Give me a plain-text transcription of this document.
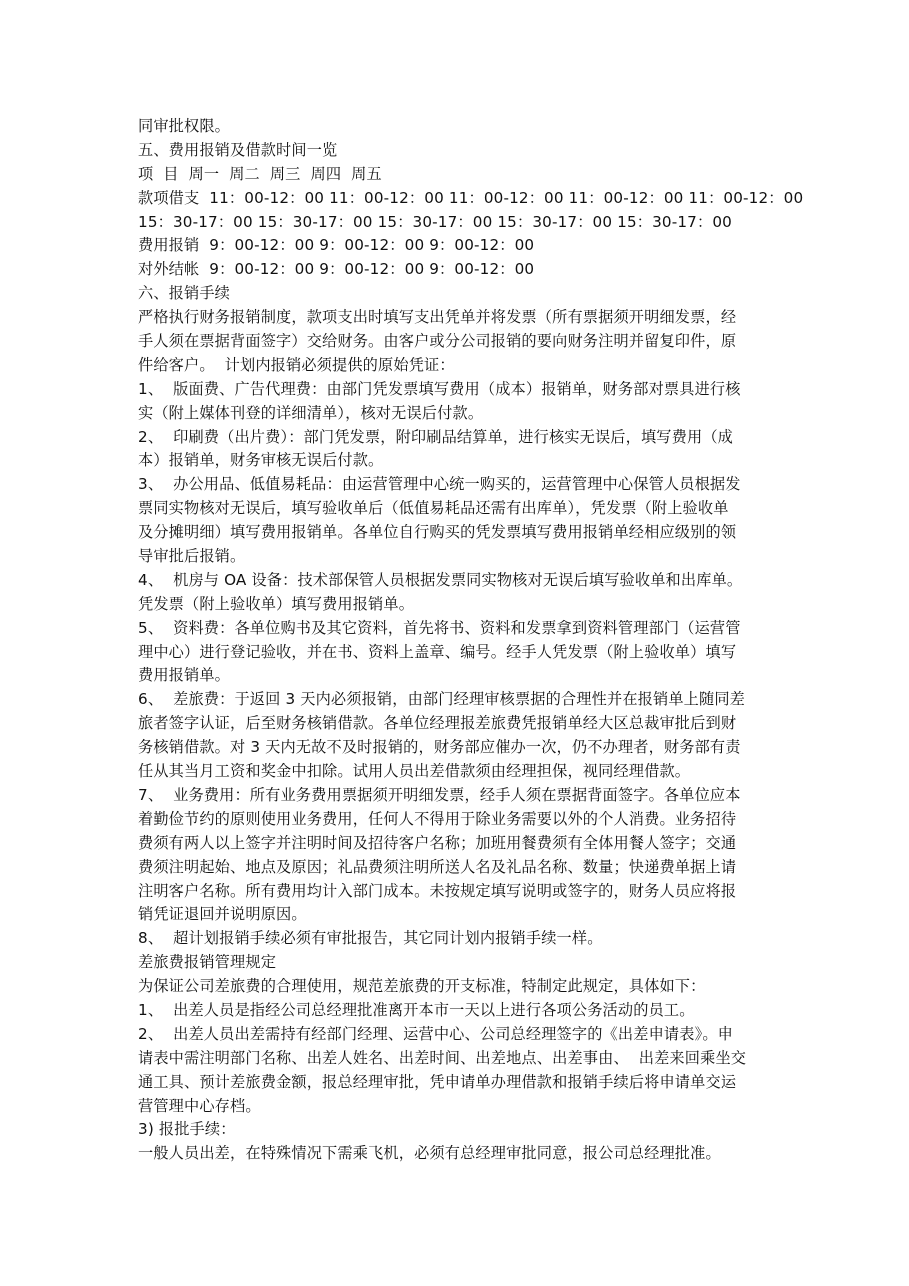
同审批权限。

五、费用报销及借款时间一览

项  目  周一  周二  周三  周四  周五

款项借支  11：00-12：00 11：00-12：00 11：00-12：00 11：00-12：00 11：00-12：00

15：30-17：00 15：30-17：00 15：30-17：00 15：30-17：00 15：30-17：00

费用报销  9：00-12：00 9：00-12：00 9：00-12：00

对外结帐  9：00-12：00 9：00-12：00 9：00-12：00

六、报销手续

严格执行财务报销制度，款项支出时填写支出凭单并将发票（所有票据须开明细发票，经

手人须在票据背面签字）交给财务。由客户或分公司报销的要向财务注明并留复印件，原

件给客户。  计划内报销必须提供的原始凭证：

1、  版面费、广告代理费：由部门凭发票填写费用（成本）报销单，财务部对票具进行核

实（附上媒体刊登的详细清单），核对无误后付款。

2、  印刷费（出片费）：部门凭发票，附印刷品结算单，进行核实无误后，填写费用（成

本）报销单，财务审核无误后付款。

3、  办公用品、低值易耗品：由运营管理中心统一购买的，运营管理中心保管人员根据发

票同实物核对无误后，填写验收单后（低值易耗品还需有出库单），凭发票（附上验收单

及分摊明细）填写费用报销单。各单位自行购买的凭发票填写费用报销单经相应级别的领

导审批后报销。

4、  机房与 OA 设备：技术部保管人员根据发票同实物核对无误后填写验收单和出库单。

凭发票（附上验收单）填写费用报销单。

5、  资料费：各单位购书及其它资料，首先将书、资料和发票拿到资料管理部门（运营管

理中心）进行登记验收，并在书、资料上盖章、编号。经手人凭发票（附上验收单）填写

费用报销单。

6、  差旅费：于返回 3 天内必须报销，由部门经理审核票据的合理性并在报销单上随同差

旅者签字认证，后至财务核销借款。各单位经理报差旅费凭报销单经大区总裁审批后到财

务核销借款。对 3 天内无故不及时报销的，财务部应催办一次，仍不办理者，财务部有责

任从其当月工资和奖金中扣除。试用人员出差借款须由经理担保，视同经理借款。

7、  业务费用：所有业务费用票据须开明细发票，经手人须在票据背面签字。各单位应本

着勤俭节约的原则使用业务费用，任何人不得用于除业务需要以外的个人消费。业务招待

费须有两人以上签字并注明时间及招待客户名称；加班用餐费须有全体用餐人签字；交通

费须注明起始、地点及原因；礼品费须注明所送人名及礼品名称、数量；快递费单据上请

注明客户名称。所有费用均计入部门成本。未按规定填写说明或签字的，财务人员应将报

销凭证退回并说明原因。

8、  超计划报销手续必须有审批报告，其它同计划内报销手续一样。

差旅费报销管理规定

为保证公司差旅费的合理使用，规范差旅费的开支标准，特制定此规定，具体如下：

1、  出差人员是指经公司总经理批准离开本市一天以上进行各项公务活动的员工。

2、  出差人员出差需持有经部门经理、运营中心、公司总经理签字的《出差申请表》。申

请表中需注明部门名称、出差人姓名、出差时间、出差地点、出差事由、  出差来回乘坐交

通工具、预计差旅费金额，报总经理审批，凭申请单办理借款和报销手续后将申请单交运

营管理中心存档。

3) 报批手续：

一般人员出差，在特殊情况下需乘飞机，必须有总经理审批同意，报公司总经理批准。
